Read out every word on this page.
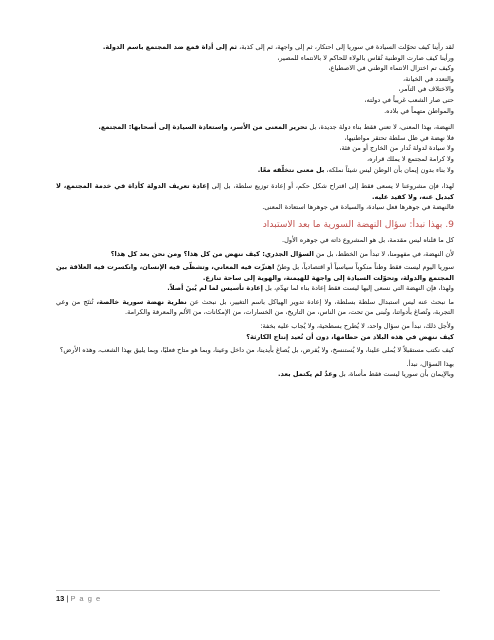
لقد رأينا كيف تحوّلت السيادة في سوريا إلى احتكار، ثم إلى واجهة، ثم إلى كذبة، ثم إلى أداة قمع ضد المجتمع باسم الدولة.

ورأينا كيف صارت الوطنية تُقاس بالولاء للحاكم لا بالانتماء للمصير،

وكيف تم اختزال الانتماء الوطني في الاصطياع،

والتعدد في الخيانة،

والاختلاف في التآمر،

حتى صار الشعب غريباً في دولته،

والمواطن متهماً في بلاده.

النهضة، بهذا المعنى، لا تعني فقط بناء دولة جديدة، بل تحرير المعنى من الأسر، واستعادة السيادة إلى أصحابها: المجتمع.

فلا نهضة في ظل سلطة تحتقر مواطنيها،

ولا سيادة لدولة تُدار من الخارج أو من فئة،

ولا كرامة لمجتمع لا يملك قراره،

ولا بناء بدون إيمان بأن الوطن ليس شيئاً نملكه، بل معنى نتخلّقه معًا.

لهذا، فإن مشروعنا لا يسعى فقط إلى اقتراح شكل حكم، أو إعادة توزيع سلطة، بل إلى إعادة تعريف الدولة كأداة في خدمة المجتمع، لا كبديل عنه، ولا كقيد عليه.

فالنهضة في جوهرها فعل سيادة، والسيادة في جوهرها استعادة المعنى.

9. بهذا نبدأ: سؤال النهضة السورية ما بعد الاستبداد

كل ما قلناه ليس مقدمة، بل هو المشروع ذاته في جوهره الأول.

لأن النهضة، في مفهومنا، لا تبدأ من الخطط، بل من السؤال الجذري: كيف ننهض من كل هذا؟ ومن نحن بعد كل هذا؟

سوريا اليوم ليست فقط وطناً منكوباً سياسياً أو اقتصادياً، بل وطنٌ اهتزّت فيه المعاني، وتشظّى فيه الإنسان، وانكسرت فيه العلاقة بين المجتمع والدولة، وتحوّلت السيادة إلى واجهة للهيمنة، والهوية إلى ساحة تنازع.

ولهذا، فإن النهضة التي نسعى إليها ليست فقط إعادة بناء لما تهدّم، بل إعادة تأسيس لما لم يُبنَ أصلاً.

ما نبحث عنه ليس استبدال سلطة بسلطة، ولا إعادة تدوير الهياكل باسم التغيير، بل نبحث عن نظرية نهضة سورية خالصة، تُنتَج من وعي التجربة، وتُصاغ بأدواتنا، وتُبنى من تحت، من الناس، من التاريخ، من الخسارات، من الإمكانات، من الألم والمعرفة والكرامة.

ولأجل ذلك، نبدأ من سؤال واحد، لا يُطرح بسطحية، ولا يُجاب عليه بخفة:

كيف ننهض في هذه البلاد من حطامها، دون أن نُعيد إنتاج الكارثة؟

كيف نكتب مستقبلاً لا يُملى علينا، ولا يُستنسخ، ولا يُفرض، بل يُصاغ بأيدينا، من داخل وعينا، وبما هو متاح فعليًا، وبما يليق بهذا الشعب، وهذه الأرض؟

بهذا السؤال، نبدأ.

وبالإيمان بأن سوريا ليست فقط مأساة، بل وعدٌ لم يكتمل بعد.

13 | P a g e
